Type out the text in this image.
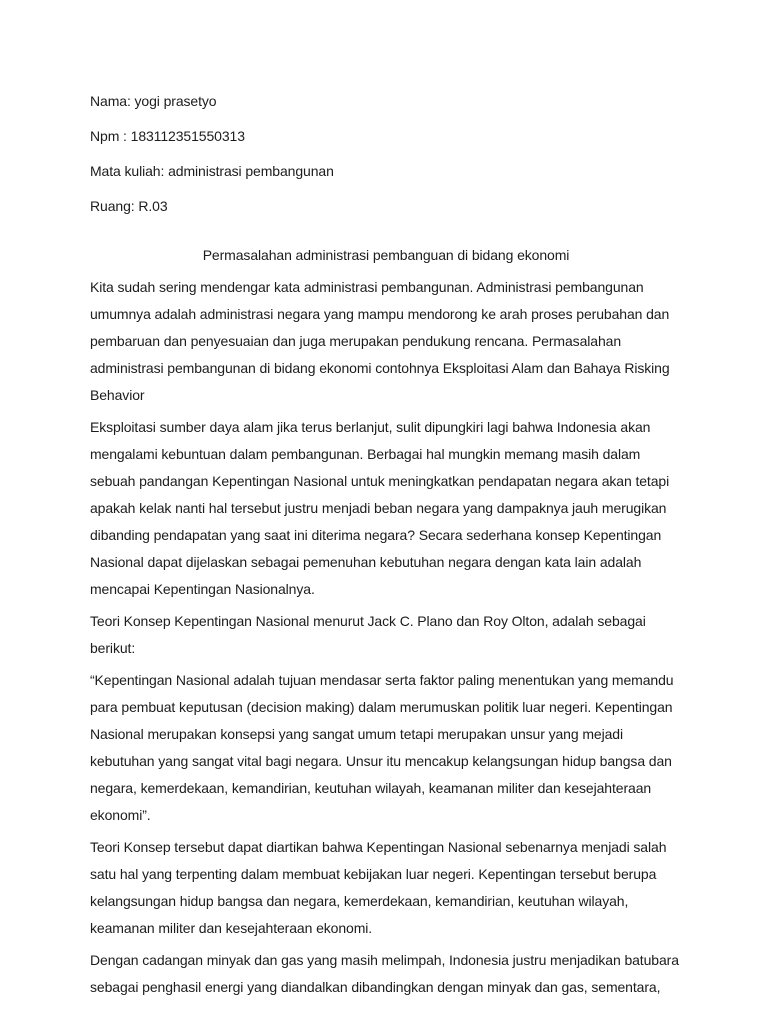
Nama: yogi prasetyo

Npm : 183112351550313

Mata kuliah: administrasi pembangunan

Ruang: R.03

Permasalahan administrasi pembanguan di bidang ekonomi

Kita sudah sering mendengar kata administrasi pembangunan. Administrasi pembangunan umumnya adalah administrasi negara yang mampu mendorong ke arah proses perubahan dan pembaruan dan penyesuaian dan juga merupakan pendukung rencana. Permasalahan administrasi pembangunan di bidang ekonomi contohnya Eksploitasi Alam dan Bahaya Risking Behavior

Eksploitasi sumber daya alam jika terus berlanjut, sulit dipungkiri lagi bahwa Indonesia akan mengalami kebuntuan dalam pembangunan. Berbagai hal mungkin memang masih dalam sebuah pandangan Kepentingan Nasional untuk meningkatkan pendapatan negara akan tetapi apakah kelak nanti hal tersebut justru menjadi beban negara yang dampaknya jauh merugikan dibanding pendapatan yang saat ini diterima negara? Secara sederhana konsep Kepentingan Nasional dapat dijelaskan sebagai pemenuhan kebutuhan negara dengan kata lain adalah mencapai Kepentingan Nasionalnya.

Teori Konsep Kepentingan Nasional menurut Jack C. Plano dan Roy Olton, adalah sebagai berikut:

“Kepentingan Nasional adalah tujuan mendasar serta faktor paling menentukan yang memandu para pembuat keputusan (decision making) dalam merumuskan politik luar negeri. Kepentingan Nasional merupakan konsepsi yang sangat umum tetapi merupakan unsur yang mejadi kebutuhan yang sangat vital bagi negara. Unsur itu mencakup kelangsungan hidup bangsa dan negara, kemerdekaan, kemandirian, keutuhan wilayah, keamanan militer dan kesejahteraan ekonomi”.

Teori Konsep tersebut dapat diartikan bahwa Kepentingan Nasional sebenarnya menjadi salah satu hal yang terpenting dalam membuat kebijakan luar negeri. Kepentingan tersebut berupa kelangsungan hidup bangsa dan negara, kemerdekaan, kemandirian, keutuhan wilayah, keamanan militer dan kesejahteraan ekonomi.

Dengan cadangan minyak dan gas yang masih melimpah, Indonesia justru menjadikan batubara sebagai penghasil energi yang diandalkan dibandingkan dengan minyak dan gas, sementara,
